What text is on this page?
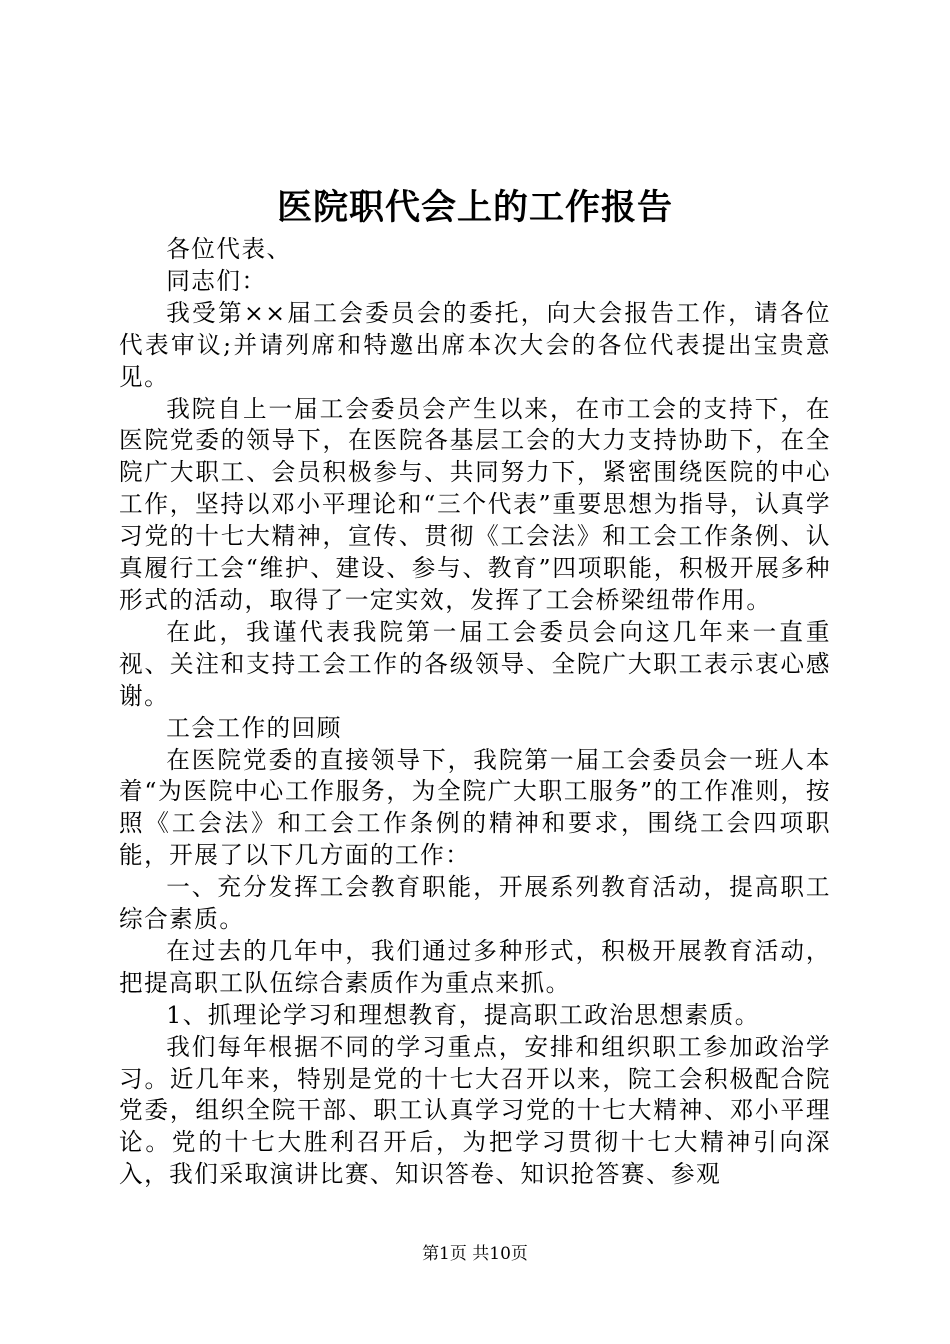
医院职代会上的工作报告

各位代表、

同志们：

我受第××届工会委员会的委托，向大会报告工作，请各位代表审议;并请列席和特邀出席本次大会的各位代表提出宝贵意见。

我院自上一届工会委员会产生以来，在市工会的支持下，在医院党委的领导下，在医院各基层工会的大力支持协助下，在全院广大职工、会员积极参与、共同努力下，紧密围绕医院的中心工作，坚持以邓小平理论和“三个代表”重要思想为指导，认真学习党的十七大精神，宣传、贯彻《工会法》和工会工作条例、认真履行工会“维护、建设、参与、教育”四项职能，积极开展多种形式的活动，取得了一定实效，发挥了工会桥梁纽带作用。

在此，我谨代表我院第一届工会委员会向这几年来一直重视、关注和支持工会工作的各级领导、全院广大职工表示衷心感谢。

工会工作的回顾

在医院党委的直接领导下，我院第一届工会委员会一班人本着“为医院中心工作服务，为全院广大职工服务”的工作准则，按照《工会法》和工会工作条例的精神和要求，围绕工会四项职能，开展了以下几方面的工作：

一、充分发挥工会教育职能，开展系列教育活动，提高职工综合素质。

在过去的几年中，我们通过多种形式，积极开展教育活动，把提高职工队伍综合素质作为重点来抓。

1、抓理论学习和理想教育，提高职工政治思想素质。

我们每年根据不同的学习重点，安排和组织职工参加政治学习。近几年来，特别是党的十七大召开以来，院工会积极配合院党委，组织全院干部、职工认真学习党的十七大精神、邓小平理论。党的十七大胜利召开后，为把学习贯彻十七大精神引向深入，我们采取演讲比赛、知识答卷、知识抢答赛、参观

第1页 共10页
